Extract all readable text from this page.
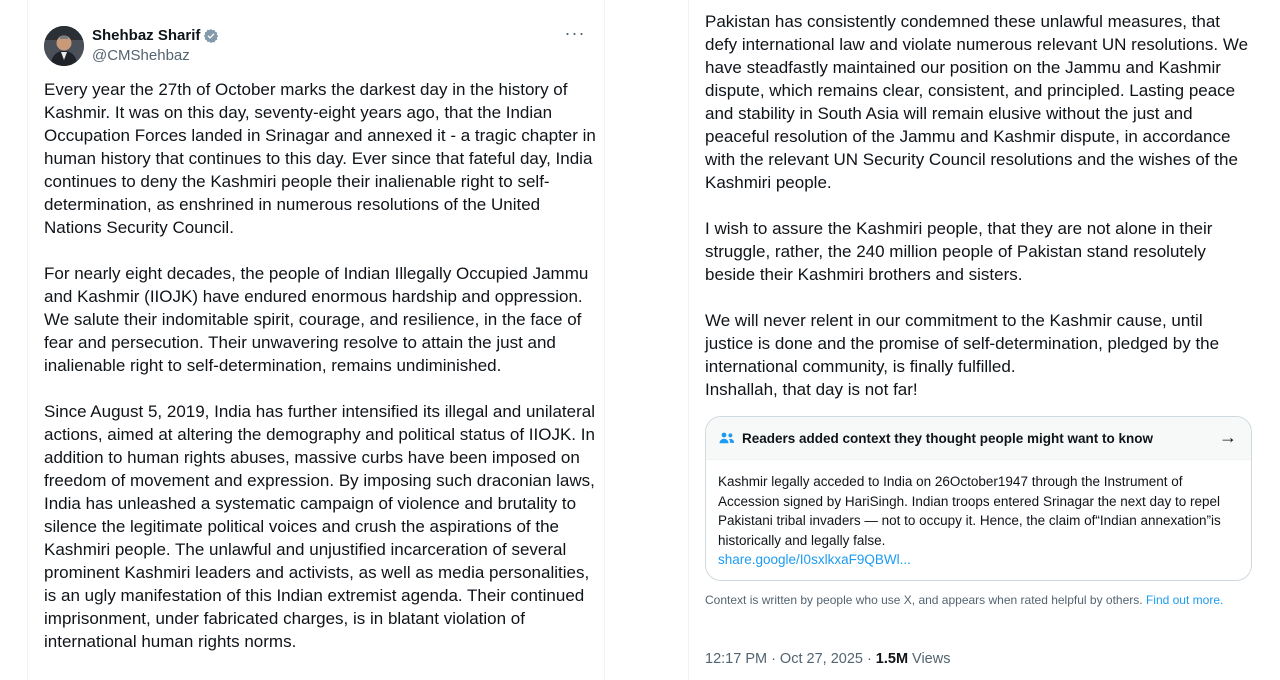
Shehbaz Sharif
@CMShehbaz
···
Every year the 27th of October marks the darkest day in the history of Kashmir. It was on this day, seventy-eight years ago, that the Indian Occupation Forces landed in Srinagar and annexed it - a tragic chapter in human history that continues to this day. Ever since that fateful day, India continues to deny the Kashmiri people their inalienable right to self-determination, as enshrined in numerous resolutions of the United Nations Security Council.

For nearly eight decades, the people of Indian Illegally Occupied Jammu and Kashmir (IIOJK) have endured enormous hardship and oppression. We salute their indomitable spirit, courage, and resilience, in the face of fear and persecution. Their unwavering resolve to attain the just and inalienable right to self-determination, remains undiminished.

Since August 5, 2019, India has further intensified its illegal and unilateral actions, aimed at altering the demography and political status of IIOJK. In addition to human rights abuses, massive curbs have been imposed on freedom of movement and expression. By imposing such draconian laws, India has unleashed a systematic campaign of violence and brutality to silence the legitimate political voices and crush the aspirations of the Kashmiri people. The unlawful and unjustified incarceration of several prominent Kashmiri leaders and activists, as well as media personalities, is an ugly manifestation of this Indian extremist agenda. Their continued imprisonment, under fabricated charges, is in blatant violation of international human rights norms.
Pakistan has consistently condemned these unlawful measures, that defy international law and violate numerous relevant UN resolutions. We have steadfastly maintained our position on the Jammu and Kashmir dispute, which remains clear, consistent, and principled. Lasting peace and stability in South Asia will remain elusive without the just and peaceful resolution of the Jammu and Kashmir dispute, in accordance with the relevant UN Security Council resolutions and the wishes of the Kashmiri people.

I wish to assure the Kashmiri people, that they are not alone in their struggle, rather, the 240 million people of Pakistan stand resolutely beside their Kashmiri brothers and sisters.

We will never relent in our commitment to the Kashmir cause, until justice is done and the promise of self-determination, pledged by the international community, is finally fulfilled.
Inshallah, that day is not far!
Readers added context they thought people might want to know	→
Kashmir legally acceded to India on 26October1947 through the Instrument of Accession signed by HariSingh. Indian troops entered Srinagar the next day to repel Pakistani tribal invaders — not to occupy it. Hence, the claim of“Indian annexation”is historically and legally false.
share.google/I0sxlkxaF9QBWl...
Context is written by people who use X, and appears when rated helpful by others. Find out more.
12:17 PM · Oct 27, 2025 · 1.5M Views
